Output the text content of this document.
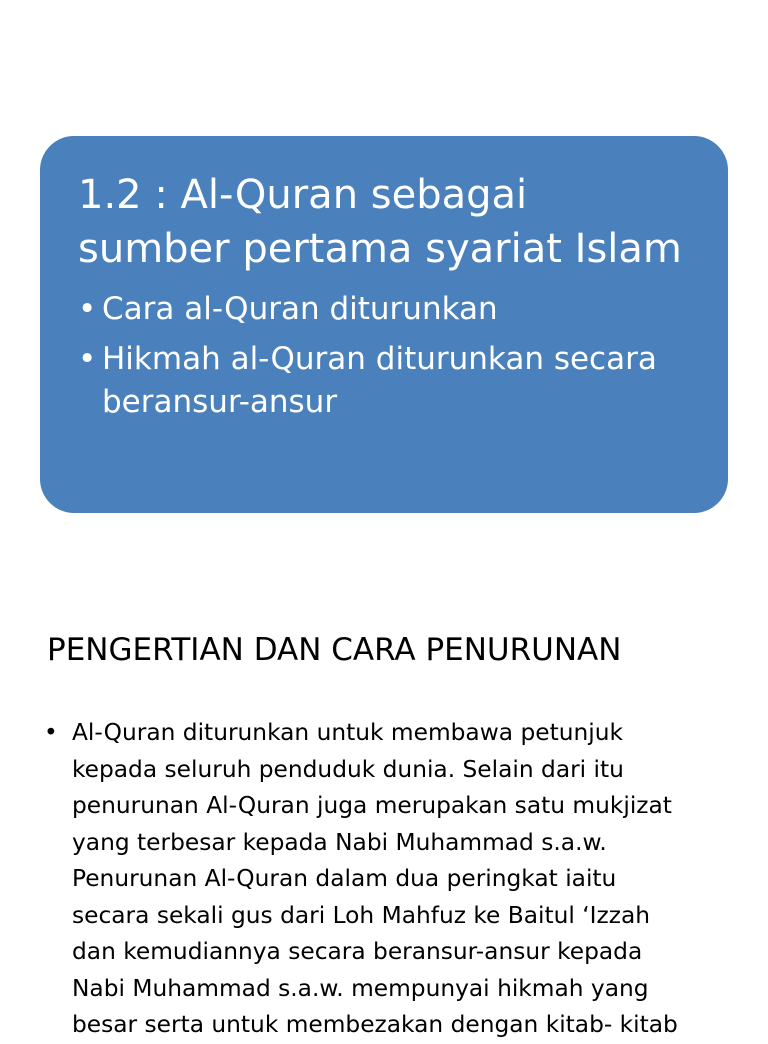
1.2 : Al-Quran sebagai sumber pertama syariat Islam
• Cara al-Quran diturunkan
• Hikmah al-Quran diturunkan secara beransur-ansur
PENGERTIAN DAN CARA PENURUNAN
• Al-Quran diturunkan untuk membawa petunjuk
kepada seluruh penduduk dunia. Selain dari itu
penurunan Al-Quran juga merupakan satu mukjizat
yang terbesar kepada Nabi Muhammad s.a.w.
Penurunan Al-Quran dalam dua peringkat iaitu
secara sekali gus dari Loh Mahfuz ke Baitul ‘Izzah
dan kemudiannya secara beransur-ansur kepada
Nabi Muhammad s.a.w. mempunyai hikmah yang
besar serta untuk membezakan dengan kitab- kitab
